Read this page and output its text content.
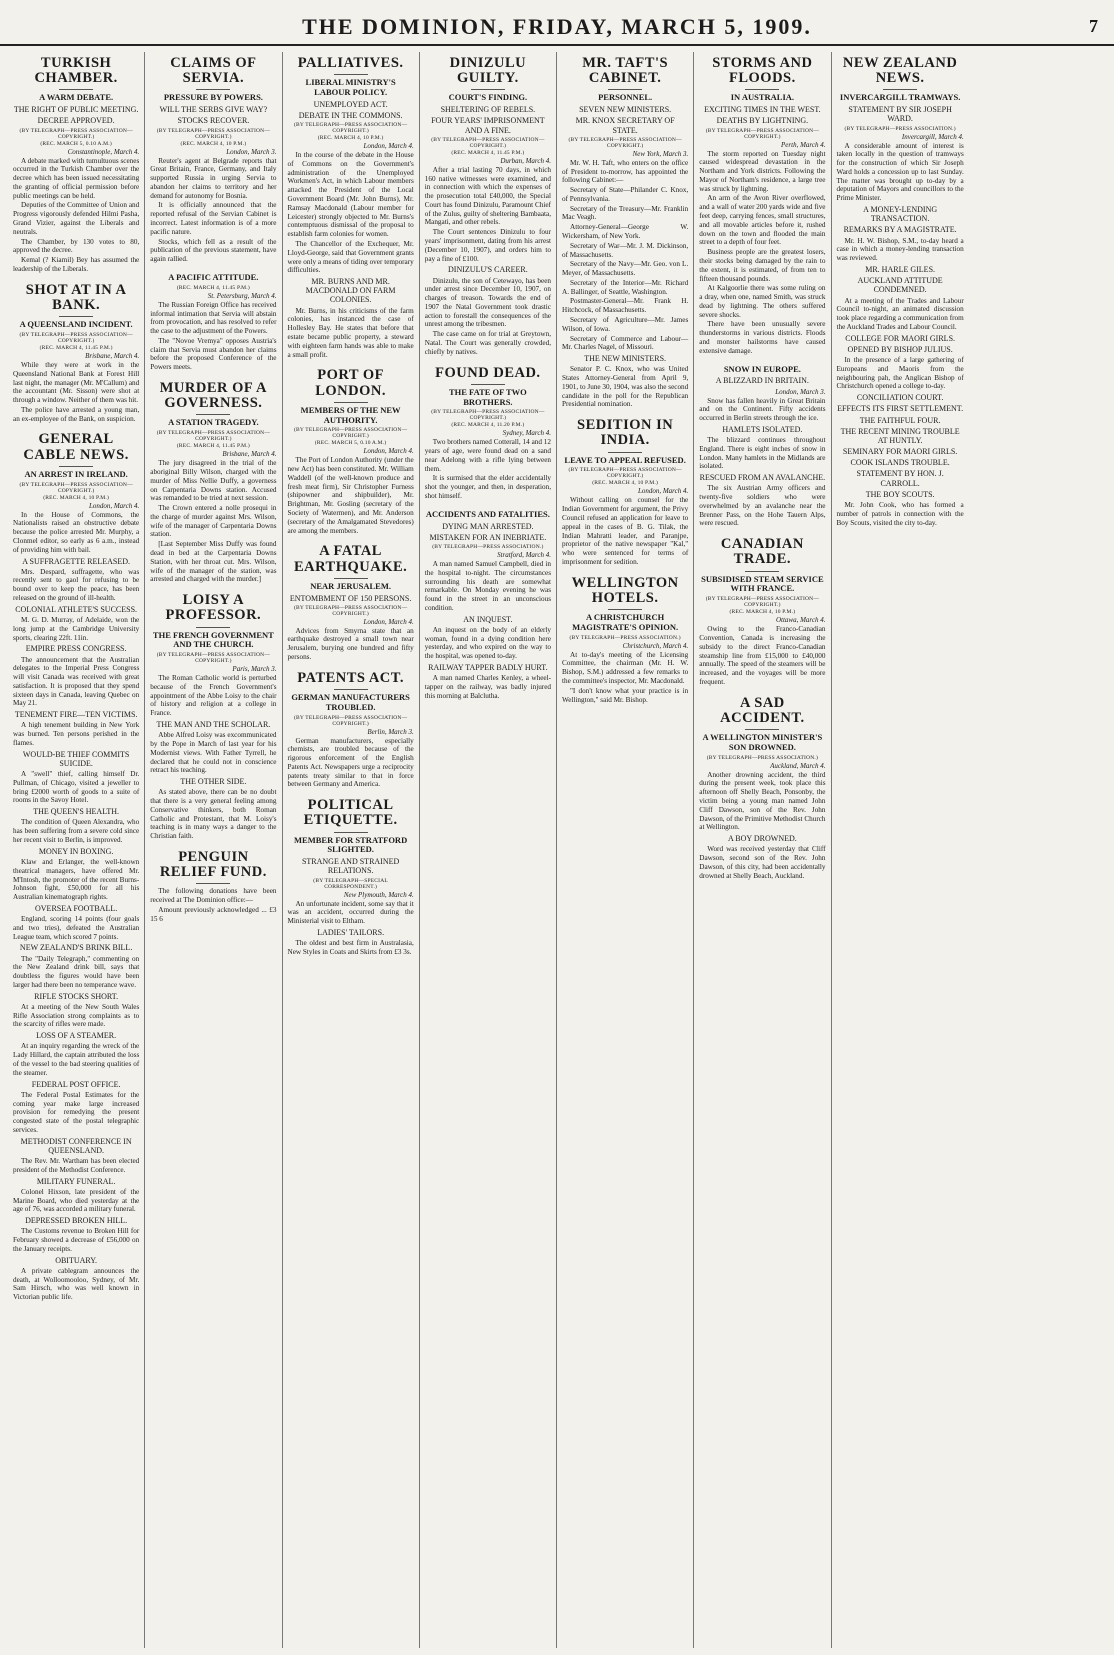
THE DOMINION, FRIDAY, MARCH 5, 1909.	7
TURKISH CHAMBER.
A WARM DEBATE.
THE RIGHT OF PUBLIC MEETING.
DECREE APPROVED.
(BY TELEGRAPH—PRESS ASSOCIATION—COPYRIGHT.)
(REC. MARCH 5, 0.10 A.M.)
Constantinople, March 4.
A debate marked with tumultuous scenes occurred in the Turkish Chamber over the decree which has been issued necessitating the granting of official permission before public meetings can be held.
Deputies of the Committee of Union and Progress vigorously defended Hilmi Pasha, Grand Vizier, against the Liberals and neutrals.
The Chamber, by 130 votes to 80, approved the decree.
Kemal (? Kiamil) Bey has assumed the leadership of the Liberals.
SHOT AT IN A BANK.
A QUEENSLAND INCIDENT.
(BY TELEGRAPH—PRESS ASSOCIATION—COPYRIGHT.)
(REC. MARCH 4, 11.45 P.M.)
Brisbane, March 4.
While they were at work in the Queensland National Bank at Forest Hill last night, the manager (Mr. M'Callum) and the accountant (Mr. Sisson) were shot at through a window. Neither of them was hit.
The police have arrested a young man, an ex-employee of the Bank, on suspicion.
GENERAL CABLE NEWS.
AN ARREST IN IRELAND.
(BY TELEGRAPH—PRESS ASSOCIATION—COPYRIGHT.)
(REC. MARCH 4, 10 P.M.)
London, March 4.
In the House of Commons, the Nationalists raised an obstructive debate because the police arrested Mr. Murphy, a Clonmel editor, so early as 6 a.m., instead of providing him with bail.
A SUFFRAGETTE RELEASED.
Mrs. Despard, suffragette, who was recently sent to gaol for refusing to be bound over to keep the peace, has been released on the ground of ill-health.
COLONIAL ATHLETE'S SUCCESS.
M. G. D. Murray, of Adelaide, won the long jump at the Cambridge University sports, clearing 22ft. 11in.
EMPIRE PRESS CONGRESS.
The announcement that the Australian delegates to the Imperial Press Congress will visit Canada was received with great satisfaction. It is proposed that they spend sixteen days in Canada, leaving Quebec on May 21.
TENEMENT FIRE—TEN VICTIMS.
A high tenement building in New York was burned. Ten persons perished in the flames.
WOULD-BE THIEF COMMITS SUICIDE.
A "swell" thief, calling himself Dr. Pullman, of Chicago, visited a jeweller to bring £2000 worth of goods to a suite of rooms in the Savoy Hotel.
THE QUEEN'S HEALTH.
The condition of Queen Alexandra, who has been suffering from a severe cold since her recent visit to Berlin, is improved.
MONEY IN BOXING.
Klaw and Erlanger, the well-known theatrical managers, have offered Mr. M'Intosh, the promoter of the recent Burns-Johnson fight, £50,000 for all his Australian kinematograph rights.
OVERSEA FOOTBALL.
England, scoring 14 points (four goals and two tries), defeated the Australian League team, which scored 7 points.
NEW ZEALAND'S BRINK BILL.
The "Daily Telegraph," commenting on the New Zealand drink bill, says that doubtless the figures would have been larger had there been no temperance wave.
RIFLE STOCKS SHORT.
At a meeting of the New South Wales Rifle Association strong complaints as to the scarcity of rifles were made.
LOSS OF A STEAMER.
At an inquiry regarding the wreck of the Lady Hillard, the captain attributed the loss of the vessel to the bad steering qualities of the steamer.
FEDERAL POST OFFICE.
The Federal Postal Estimates for the coming year make large increased provision for remedying the present congested state of the postal telegraphic services.
METHODIST CONFERENCE IN QUEENSLAND.
The Rev. Mr. Wartham has been elected president of the Methodist Conference.
MILITARY FUNERAL.
Colonel Hixson, late president of the Marine Board, who died yesterday at the age of 76, was accorded a military funeral.
DEPRESSED BROKEN HILL.
The Customs revenue to Broken Hill for February showed a decrease of £56,000 on the January receipts.
OBITUARY.
A private cablegram announces the death, at Wolloomooloo, Sydney, of Mr. Sam Hirsch, who was well known in Victorian public life.
CLAIMS OF SERVIA.
PRESSURE BY POWERS.
WILL THE SERBS GIVE WAY?
STOCKS RECOVER.
(BY TELEGRAPH—PRESS ASSOCIATION—COPYRIGHT.)
(REC. MARCH 4, 10 P.M.)
London, March 3.
Reuter's agent at Belgrade reports that Great Britain, France, Germany, and Italy supported Russia in urging Servia to abandon her claims to territory and her demand for autonomy for Bosnia.
It is officially announced that the reported refusal of the Servian Cabinet is incorrect. Latest information is of a more pacific nature.
Stocks, which fell as a result of the publication of the previous statement, have again rallied.
A PACIFIC ATTITUDE.
(REC. MARCH 4, 11.45 P.M.)
St. Petersburg, March 4.
The Russian Foreign Office has received informal intimation that Servia will abstain from provocation, and has resolved to refer the case to the adjustment of the Powers.
The "Novoe Vremya" opposes Austria's claim that Servia must abandon her claims before the proposed Conference of the Powers meets.
MURDER OF A GOVERNESS.
A STATION TRAGEDY.
(BY TELEGRAPH—PRESS ASSOCIATION—COPYRIGHT.)
(REC. MARCH 4, 11.45 P.M.)
Brisbane, March 4.
The jury disagreed in the trial of the aboriginal Billy Wilson, charged with the murder of Miss Nellie Duffy, a governess on Carpentaria Downs station. Accused was remanded to be tried at next session.
The Crown entered a nolle prosequi in the charge of murder against Mrs. Wilson, wife of the manager of Carpentaria Downs station.
[Last September Miss Duffy was found dead in bed at the Carpentaria Downs Station, with her throat cut. Mrs. Wilson, wife of the manager of the station, was arrested and charged with the murder.]
LOISY A PROFESSOR.
THE FRENCH GOVERNMENT AND THE CHURCH.
(BY TELEGRAPH—PRESS ASSOCIATION—COPYRIGHT.)
Paris, March 3.
The Roman Catholic world is perturbed because of the French Government's appointment of the Abbe Loisy to the chair of history and religion at a college in France.
THE MAN AND THE SCHOLAR.
Abbe Alfred Loisy was excommunicated by the Pope in March of last year for his Modernist views. With Father Tyrrell, he declared that he could not in conscience retract his teaching.
THE OTHER SIDE.
As stated above, there can be no doubt that there is a very general feeling among Conservative thinkers, both Roman Catholic and Protestant, that M. Loisy's teaching is in many ways a danger to the Christian faith.
PENGUIN RELIEF FUND.
The following donations have been received at The Dominion office:—
Amount previously acknowledged ... £3 15 6
PALLIATIVES.
LIBERAL MINISTRY'S LABOUR POLICY.
UNEMPLOYED ACT.
DEBATE IN THE COMMONS.
(BY TELEGRAPH—PRESS ASSOCIATION—COPYRIGHT.)
(REC. MARCH 4, 10 P.M.)
London, March 4.
In the course of the debate in the House of Commons on the Government's administration of the Unemployed Workmen's Act, in which Labour members attacked the President of the Local Government Board (Mr. John Burns), Mr. Ramsay Macdonald (Labour member for Leicester) strongly objected to Mr. Burns's contemptuous dismissal of the proposal to establish farm colonies for women.
The Chancellor of the Exchequer, Mr. Lloyd-George, said that Government grants were only a means of tiding over temporary difficulties.
MR. BURNS AND MR. MACDONALD ON FARM COLONIES.
Mr. Burns, in his criticisms of the farm colonies, has instanced the case of Hollesley Bay. He states that before that estate became public property, a steward with eighteen farm hands was able to make a small profit.
PORT OF LONDON.
MEMBERS OF THE NEW AUTHORITY.
(BY TELEGRAPH—PRESS ASSOCIATION—COPYRIGHT.)
(REC. MARCH 5, 0.10 A.M.)
London, March 4.
The Port of London Authority (under the new Act) has been constituted. Mr. William Waddell (of the well-known produce and fresh meat firm), Sir Christopher Furness (shipowner and shipbuilder), Mr. Brightman, Mr. Gosling (secretary of the Society of Watermen), and Mr. Anderson (secretary of the Amalgamated Stevedores) are among the members.
A FATAL EARTHQUAKE.
NEAR JERUSALEM.
ENTOMBMENT OF 150 PERSONS.
(BY TELEGRAPH—PRESS ASSOCIATION—COPYRIGHT.)
London, March 4.
Advices from Smyrna state that an earthquake destroyed a small town near Jerusalem, burying one hundred and fifty persons.
PATENTS ACT.
GERMAN MANUFACTURERS TROUBLED.
(BY TELEGRAPH—PRESS ASSOCIATION—COPYRIGHT.)
Berlin, March 3.
German manufacturers, especially chemists, are troubled because of the rigorous enforcement of the English Patents Act. Newspapers urge a reciprocity patents treaty similar to that in force between Germany and America.
POLITICAL ETIQUETTE.
MEMBER FOR STRATFORD SLIGHTED.
STRANGE AND STRAINED RELATIONS.
(BY TELEGRAPH—SPECIAL CORRESPONDENT.)
New Plymouth, March 4.
An unfortunate incident, some say that it was an accident, occurred during the Ministerial visit to Eltham.
LADIES' TAILORS.
The oldest and best firm in Australasia, New Styles in Coats and Skirts from £3 3s.
DINIZULU GUILTY.
COURT'S FINDING.
SHELTERING OF REBELS.
FOUR YEARS' IMPRISONMENT AND A FINE.
(BY TELEGRAPH—PRESS ASSOCIATION—COPYRIGHT.)
(REC. MARCH 4, 11.45 P.M.)
Durban, March 4.
After a trial lasting 70 days, in which 160 native witnesses were examined, and in connection with which the expenses of the prosecution total £40,000, the Special Court has found Dinizulu, Paramount Chief of the Zulus, guilty of sheltering Bambaata, Mangati, and other rebels.
The Court sentences Dinizulu to four years' imprisonment, dating from his arrest (December 10, 1907), and orders him to pay a fine of £100.
DINIZULU'S CAREER.
Dinizulu, the son of Cetewayo, has been under arrest since December 10, 1907, on charges of treason. Towards the end of 1907 the Natal Government took drastic action to forestall the consequences of the unrest among the tribesmen.
The case came on for trial at Greytown, Natal. The Court was generally crowded, chiefly by natives.
FOUND DEAD.
THE FATE OF TWO BROTHERS.
(BY TELEGRAPH—PRESS ASSOCIATION—COPYRIGHT.)
(REC. MARCH 4, 11.20 P.M.)
Sydney, March 4.
Two brothers named Cotterall, 14 and 12 years of age, were found dead on a sand near Adelong with a rifle lying between them.
It is surmised that the elder accidentally shot the younger, and then, in desperation, shot himself.
ACCIDENTS AND FATALITIES.
DYING MAN ARRESTED.
MISTAKEN FOR AN INEBRIATE.
(BY TELEGRAPH—PRESS ASSOCIATION.)
Stratford, March 4.
A man named Samuel Campbell, died in the hospital to-night. The circumstances surrounding his death are somewhat remarkable. On Monday evening he was found in the street in an unconscious condition.
AN INQUEST.
An inquest on the body of an elderly woman, found in a dying condition here yesterday, and who expired on the way to the hospital, was opened to-day.
RAILWAY TAPPER BADLY HURT.
A man named Charles Kenley, a wheel-tapper on the railway, was badly injured this morning at Balclutha.
MR. TAFT'S CABINET.
PERSONNEL.
SEVEN NEW MINISTERS.
MR. KNOX SECRETARY OF STATE.
(BY TELEGRAPH—PRESS ASSOCIATION—COPYRIGHT.)
New York, March 3.
Mr. W. H. Taft, who enters on the office of President to-morrow, has appointed the following Cabinet:—
Secretary of State—Philander C. Knox, of Pennsylvania.
Secretary of the Treasury—Mr. Franklin Mac Veagh.
Attorney-General—George W. Wickersham, of New York.
Secretary of War—Mr. J. M. Dickinson, of Massachusetts.
Secretary of the Navy—Mr. Geo. von L. Meyer, of Massachusetts.
Secretary of the Interior—Mr. Richard A. Ballinger, of Seattle, Washington.
Postmaster-General—Mr. Frank H. Hitchcock, of Massachusetts.
Secretary of Agriculture—Mr. James Wilson, of Iowa.
Secretary of Commerce and Labour—Mr. Charles Nagel, of Missouri.
THE NEW MINISTERS.
Senator P. C. Knox, who was United States Attorney-General from April 9, 1901, to June 30, 1904, was also the second candidate in the poll for the Republican Presidential nomination.
SEDITION IN INDIA.
LEAVE TO APPEAL REFUSED.
(BY TELEGRAPH—PRESS ASSOCIATION—COPYRIGHT.)
(REC. MARCH 4, 10 P.M.)
London, March 4.
Without calling on counsel for the Indian Government for argument, the Privy Council refused an application for leave to appeal in the cases of B. G. Tilak, the Indian Mahratti leader, and Paranjpe, proprietor of the native newspaper "Kal," who were sentenced for terms of imprisonment for sedition.
WELLINGTON HOTELS.
A CHRISTCHURCH MAGISTRATE'S OPINION.
(BY TELEGRAPH—PRESS ASSOCIATION.)
Christchurch, March 4.
At to-day's meeting of the Licensing Committee, the chairman (Mr. H. W. Bishop, S.M.) addressed a few remarks to the committee's inspector, Mr. Macdonald.
"I don't know what your practice is in Wellington," said Mr. Bishop.
STORMS AND FLOODS.
IN AUSTRALIA.
EXCITING TIMES IN THE WEST.
DEATHS BY LIGHTNING.
(BY TELEGRAPH—PRESS ASSOCIATION—COPYRIGHT.)
Perth, March 4.
The storm reported on Tuesday night caused widespread devastation in the Northam and York districts. Following the Mayor of Northam's residence, a large tree was struck by lightning.
An arm of the Avon River overflowed, and a wall of water 200 yards wide and five feet deep, carrying fences, small structures, and all movable articles before it, rushed down on the town and flooded the main street to a depth of four feet.
Business people are the greatest losers, their stocks being damaged by the rain to the extent, it is estimated, of from ten to fifteen thousand pounds.
At Kalgoorlie there was some ruling on a dray, when one, named Smith, was struck dead by lightning. The others suffered severe shocks.
There have been unusually severe thunderstorms in various districts. Floods and monster hailstorms have caused extensive damage.
SNOW IN EUROPE.
A BLIZZARD IN BRITAIN.
London, March 3.
Snow has fallen heavily in Great Britain and on the Continent. Fifty accidents occurred in Berlin streets through the ice.
HAMLETS ISOLATED.
The blizzard continues throughout England. There is eight inches of snow in London. Many hamlets in the Midlands are isolated.
RESCUED FROM AN AVALANCHE.
The six Austrian Army officers and twenty-five soldiers who were overwhelmed by an avalanche near the Brenner Pass, on the Hohe Tauern Alps, were rescued.
CANADIAN TRADE.
SUBSIDISED STEAM SERVICE WITH FRANCE.
(BY TELEGRAPH—PRESS ASSOCIATION—COPYRIGHT.)
(REC. MARCH 4, 10 P.M.)
Ottawa, March 4.
Owing to the Franco-Canadian Convention, Canada is increasing the subsidy to the direct Franco-Canadian steamship line from £15,000 to £40,000 annually. The speed of the steamers will be increased, and the voyages will be more frequent.
A SAD ACCIDENT.
A WELLINGTON MINISTER'S SON DROWNED.
(BY TELEGRAPH—PRESS ASSOCIATION.)
Auckland, March 4.
Another drowning accident, the third during the present week, took place this afternoon off Shelly Beach, Ponsonby, the victim being a young man named John Cliff Dawson, son of the Rev. John Dawson, of the Primitive Methodist Church at Wellington.
A BOY DROWNED.
Word was received yesterday that Cliff Dawson, second son of the Rev. John Dawson, of this city, had been accidentally drowned at Shelly Beach, Auckland.
NEW ZEALAND NEWS.
INVERCARGILL TRAMWAYS.
STATEMENT BY SIR JOSEPH WARD.
(BY TELEGRAPH—PRESS ASSOCIATION.)
Invercargill, March 4.
A considerable amount of interest is taken locally in the question of tramways for the construction of which Sir Joseph Ward holds a concession up to last Sunday. The matter was brought up to-day by a deputation of Mayors and councillors to the Prime Minister.
A MONEY-LENDING TRANSACTION.
REMARKS BY A MAGISTRATE.
Mr. H. W. Bishop, S.M., to-day heard a case in which a money-lending transaction was reviewed.
MR. HARLE GILES.
AUCKLAND ATTITUDE CONDEMNED.
At a meeting of the Trades and Labour Council to-night, an animated discussion took place regarding a communication from the Auckland Trades and Labour Council.
COLLEGE FOR MAORI GIRLS.
OPENED BY BISHOP JULIUS.
In the presence of a large gathering of Europeans and Maoris from the neighbouring pah, the Anglican Bishop of Christchurch opened a college to-day.
CONCILIATION COURT.
EFFECTS ITS FIRST SETTLEMENT.
THE FAITHFUL FOUR.
THE RECENT MINING TROUBLE AT HUNTLY.
SEMINARY FOR MAORI GIRLS.
COOK ISLANDS TROUBLE.
STATEMENT BY HON. J. CARROLL.
THE BOY SCOUTS.
Mr. John Cook, who has formed a number of patrols in connection with the Boy Scouts, visited the city to-day.
